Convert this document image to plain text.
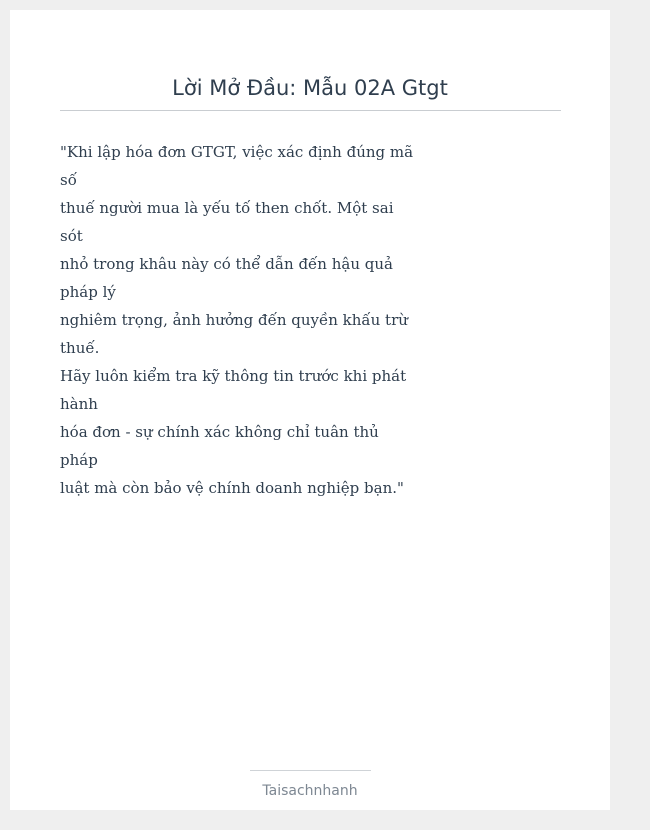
Lời Mở Đầu: Mẫu 02A Gtgt
"Khi lập hóa đơn GTGT, việc xác định đúng mã
số
thuế người mua là yếu tố then chốt. Một sai
sót
nhỏ trong khâu này có thể dẫn đến hậu quả
pháp lý
nghiêm trọng, ảnh hưởng đến quyền khấu trừ
thuế.
Hãy luôn kiểm tra kỹ thông tin trước khi phát
hành
hóa đơn - sự chính xác không chỉ tuân thủ
pháp
luật mà còn bảo vệ chính doanh nghiệp bạn."
Taisachnhanh
